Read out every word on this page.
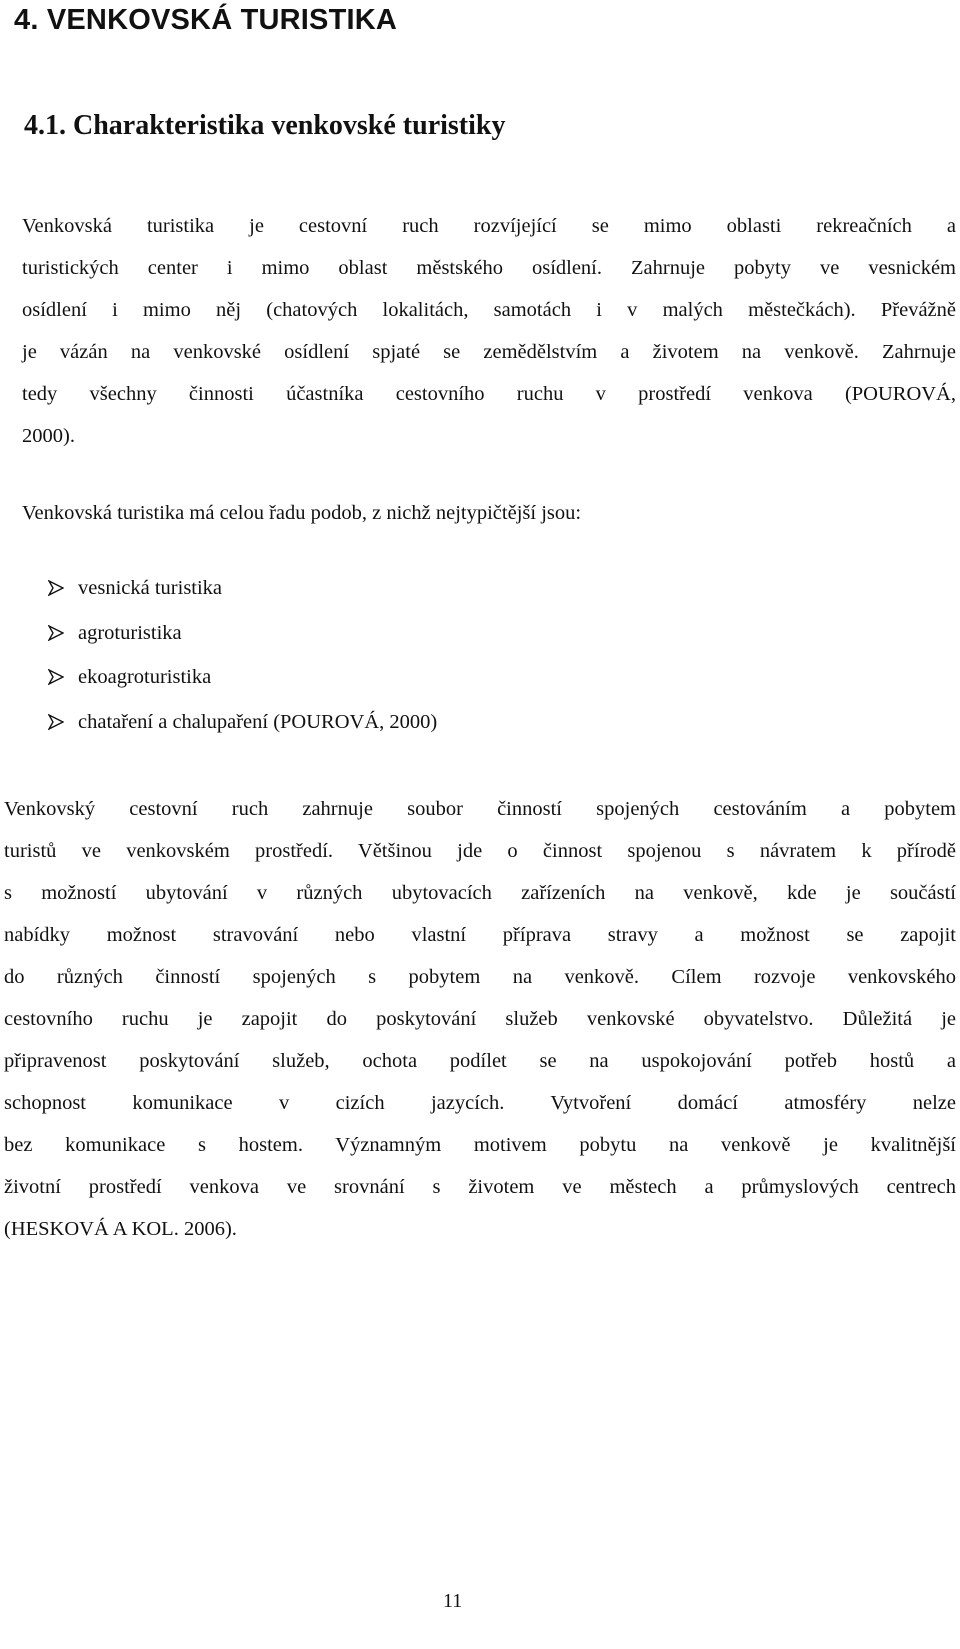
4. VENKOVSKÁ TURISTIKA
4.1. Charakteristika venkovské turistiky
Venkovská turistika je cestovní ruch rozvíjející se mimo oblasti rekreačních a
turistických center i mimo oblast městského osídlení. Zahrnuje pobyty ve vesnickém
osídlení i mimo něj (chatových lokalitách, samotách i v malých městečkách). Převážně
je vázán na venkovské osídlení spjaté se zemědělstvím a životem na venkově. Zahrnuje
tedy všechny činnosti účastníka cestovního ruchu v prostředí venkova (POUROVÁ,
2000).
Venkovská turistika má celou řadu podob, z nichž nejtypičtější jsou:
vesnická turistika
agroturistika
ekoagroturistika
chataření a chalupaření (POUROVÁ, 2000)
Venkovský cestovní ruch zahrnuje soubor činností spojených cestováním a pobytem
turistů ve venkovském prostředí. Většinou jde o činnost spojenou s návratem k přírodě
s možností ubytování v různých ubytovacích zařízeních na venkově, kde je součástí
nabídky možnost stravování nebo vlastní příprava stravy a možnost se zapojit
do různých činností spojených s pobytem na venkově. Cílem rozvoje venkovského
cestovního ruchu je zapojit do poskytování služeb venkovské obyvatelstvo. Důležitá je
připravenost poskytování služeb, ochota podílet se na uspokojování potřeb hostů a
schopnost komunikace v cizích jazycích. Vytvoření domácí atmosféry nelze
bez komunikace s hostem. Významným motivem pobytu na venkově je kvalitnější
životní prostředí venkova ve srovnání s životem ve městech a průmyslových centrech
(HESKOVÁ A KOL. 2006).
11
